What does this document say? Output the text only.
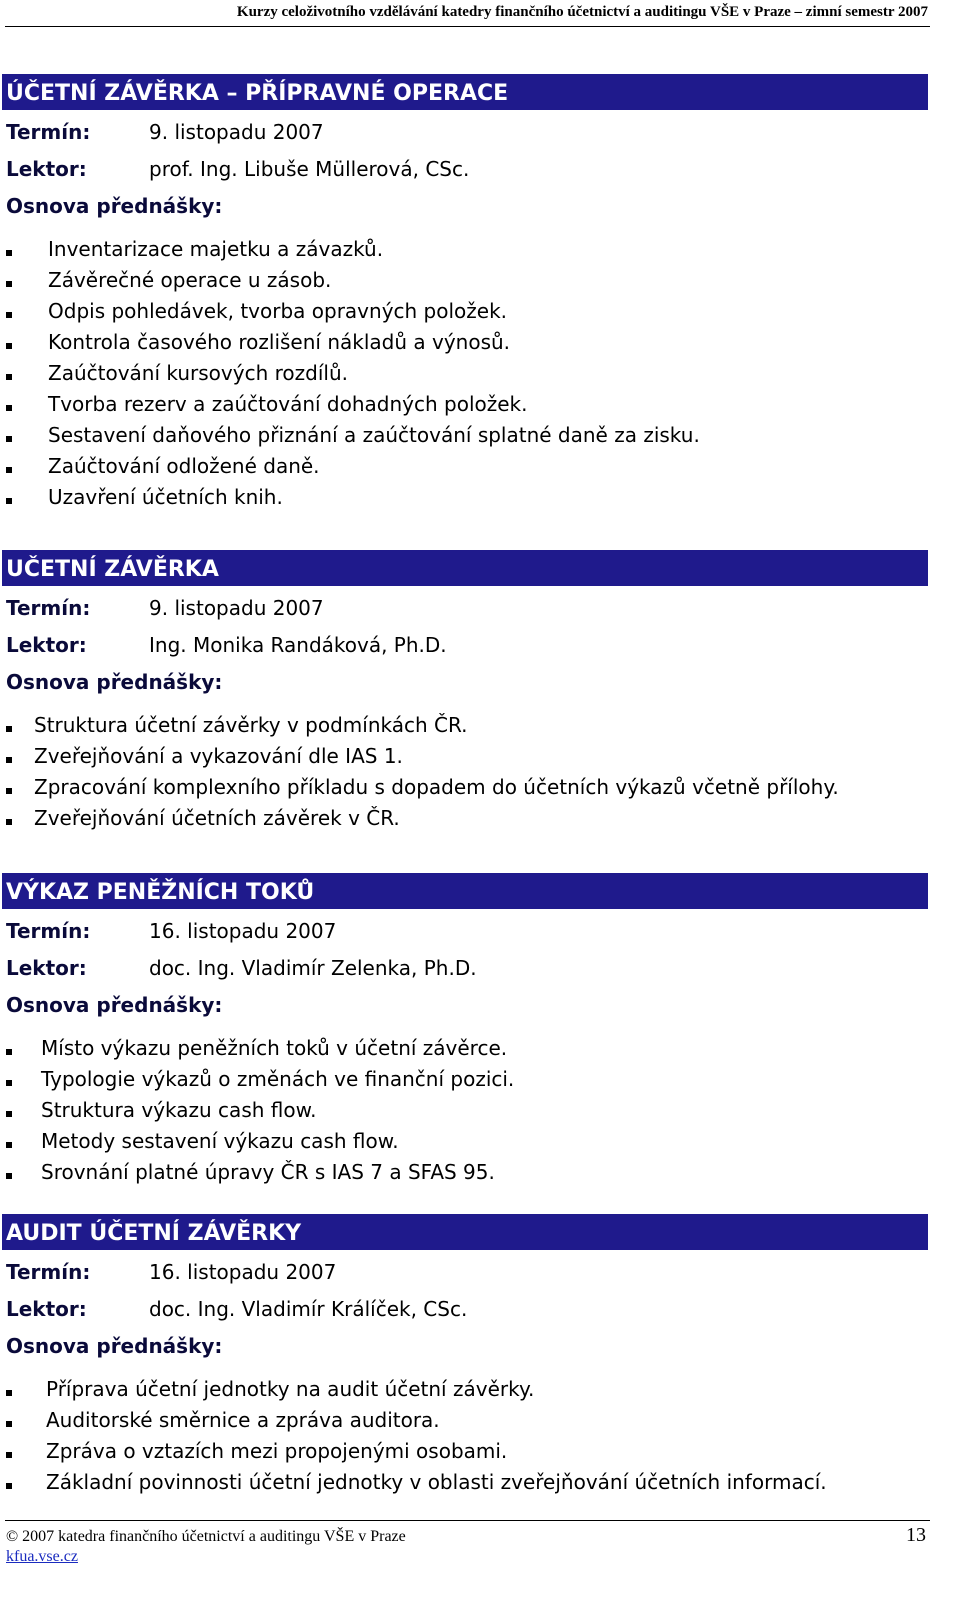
Kurzy celoživotního vzdělávání katedry finančního účetnictví a auditingu VŠE v Praze – zimní semestr 2007
ÚČETNÍ ZÁVĚRKA – PŘÍPRAVNÉ OPERACE
Termín:	9. listopadu 2007
Lektor:	prof. Ing. Libuše Müllerová, CSc.
Osnova přednášky:
Inventarizace majetku a závazků.
Závěrečné operace u zásob.
Odpis pohledávek, tvorba opravných položek.
Kontrola časového rozlišení nákladů a výnosů.
Zaúčtování kursových rozdílů.
Tvorba rezerv a zaúčtování dohadných položek.
Sestavení daňového přiznání a zaúčtování splatné daně za zisku.
Zaúčtování odložené daně.
Uzavření účetních knih.
UČETNÍ ZÁVĚRKA
Termín:	9. listopadu 2007
Lektor:	Ing. Monika Randáková, Ph.D.
Osnova přednášky:
Struktura účetní závěrky v podmínkách ČR.
Zveřejňování a vykazování dle IAS 1.
Zpracování komplexního příkladu s dopadem do účetních výkazů včetně přílohy.
Zveřejňování účetních závěrek v ČR.
VÝKAZ PENĚŽNÍCH TOKŮ
Termín:	16. listopadu 2007
Lektor:	doc. Ing. Vladimír Zelenka, Ph.D.
Osnova přednášky:
Místo výkazu peněžních toků v účetní závěrce.
Typologie výkazů o změnách ve finanční pozici.
Struktura výkazu cash flow.
Metody sestavení výkazu cash flow.
Srovnání platné úpravy ČR s IAS 7 a SFAS 95.
AUDIT ÚČETNÍ ZÁVĚRKY
Termín:	16. listopadu 2007
Lektor:	doc. Ing. Vladimír Králíček, CSc.
Osnova přednášky:
Příprava účetní jednotky na audit účetní závěrky.
Auditorské směrnice a zpráva auditora.
Zpráva o vztazích mezi propojenými osobami.
Základní povinnosti účetní jednotky v oblasti zveřejňování účetních informací.
© 2007 katedra finančního účetnictví a auditingu VŠE v Praze
kfua.vse.cz
13
